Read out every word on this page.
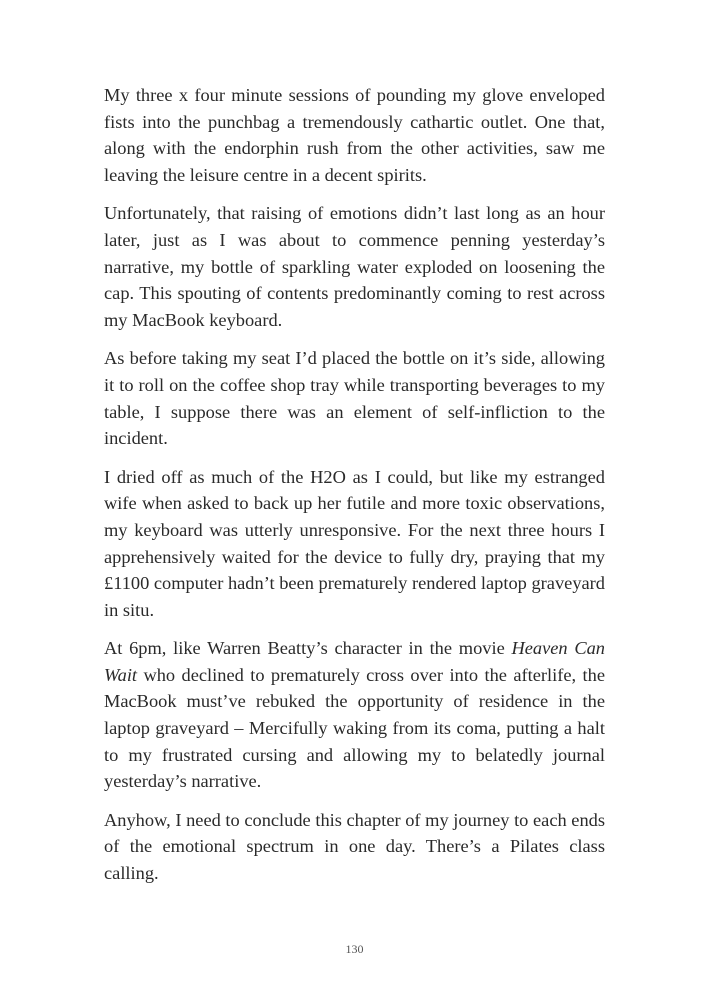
My three x four minute sessions of pounding my glove enveloped fists into the punchbag a tremendously cathartic outlet. One that, along with the endorphin rush from the other activities, saw me leaving the leisure centre in a decent spirits.

Unfortunately, that raising of emotions didn’t last long as an hour later, just as I was about to commence penning yesterday’s narrative, my bottle of sparkling water exploded on loosening the cap. This spouting of contents predominantly coming to rest across my MacBook keyboard.

As before taking my seat I’d placed the bottle on it’s side, allowing it to roll on the coffee shop tray while transporting beverages to my table, I suppose there was an element of self-infliction to the incident.

I dried off as much of the H2O as I could, but like my estranged wife when asked to back up her futile and more toxic observations, my keyboard was utterly unresponsive. For the next three hours I apprehensively waited for the device to fully dry, praying that my £1100 computer hadn’t been prematurely rendered laptop graveyard in situ.

At 6pm, like Warren Beatty’s character in the movie Heaven Can Wait who declined to prematurely cross over into the afterlife, the MacBook must’ve rebuked the opportunity of residence in the laptop graveyard – Mercifully waking from its coma, putting a halt to my frustrated cursing and allowing my to belatedly journal yesterday’s narrative.

Anyhow, I need to conclude this chapter of my journey to each ends of the emotional spectrum in one day. There’s a Pilates class calling.

130
